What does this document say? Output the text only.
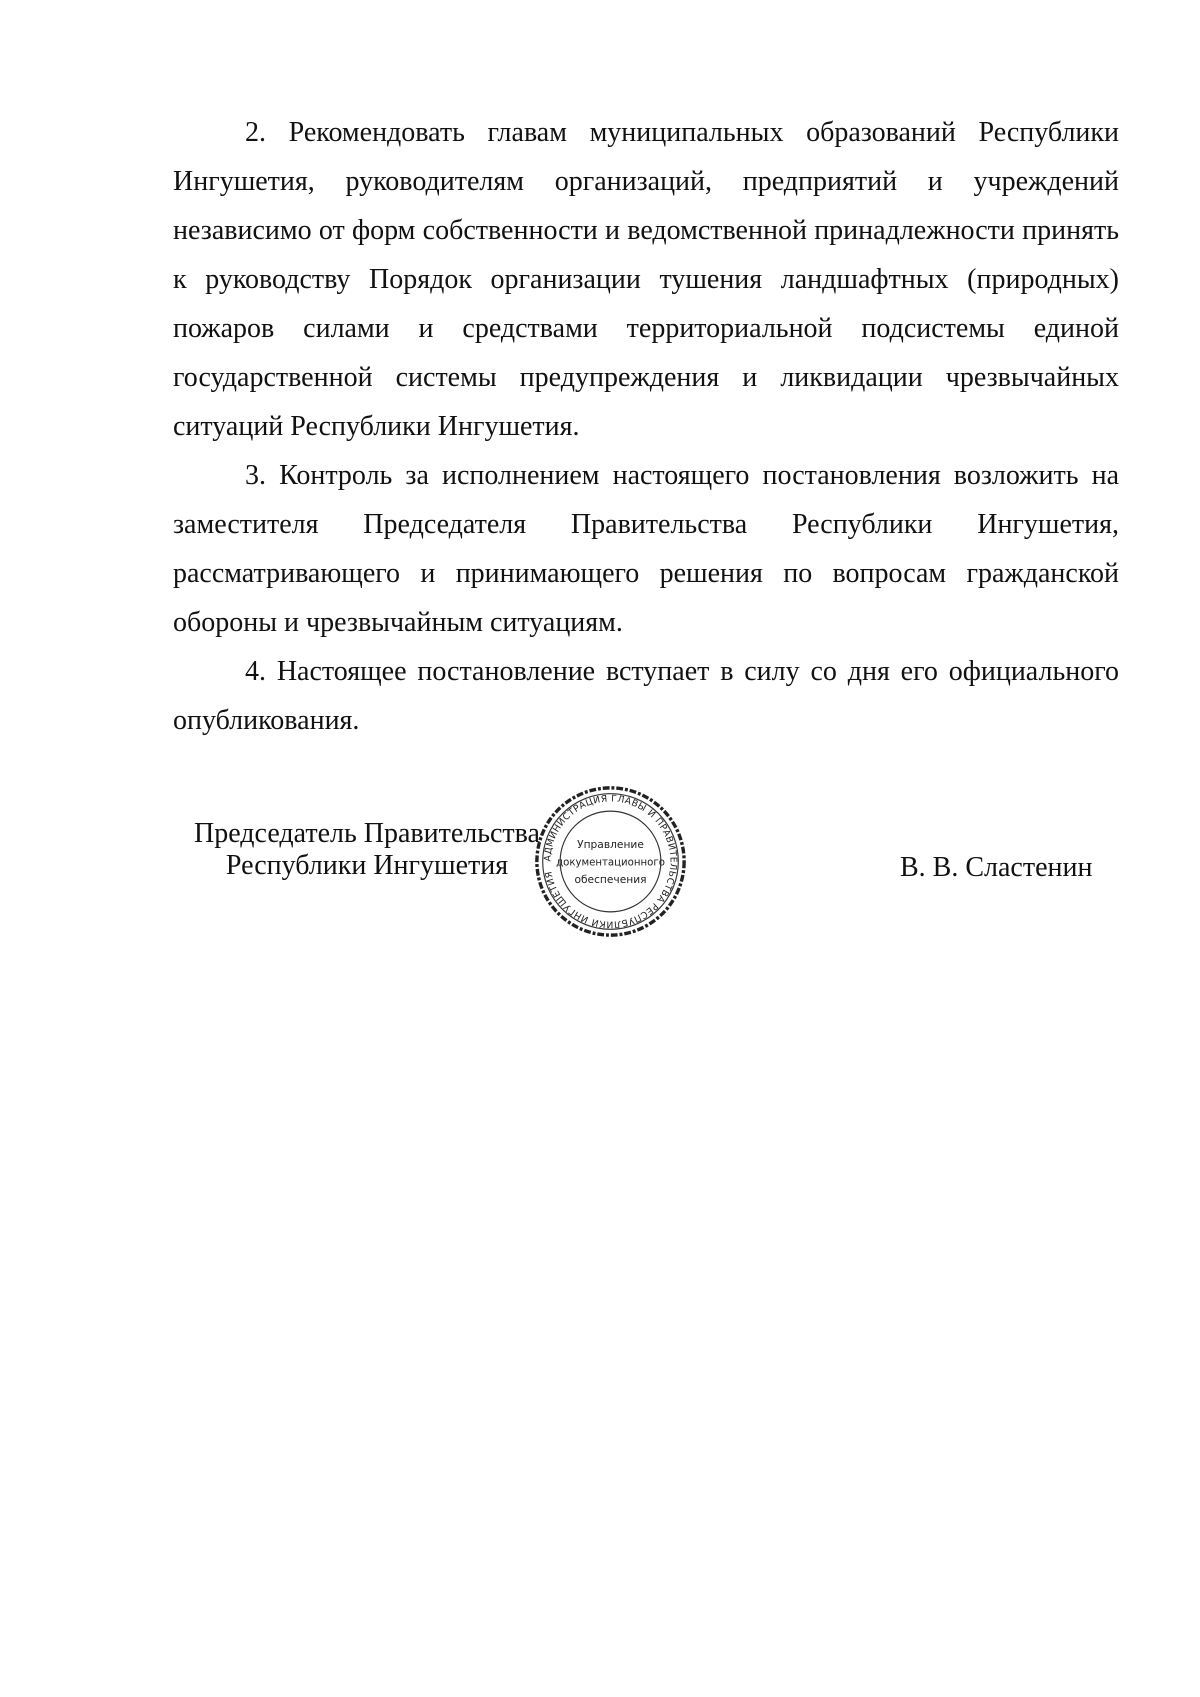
2. Рекомендовать главам муниципальных образований Республики Ингушетия, руководителям организаций, предприятий и учреждений независимо от форм собственности и ведомственной принадлежности принять к руководству Порядок организации тушения ландшафтных (природных) пожаров силами и средствами территориальной подсистемы единой государственной системы предупреждения и ликвидации чрезвычайных ситуаций Республики Ингушетия.

3. Контроль за исполнением настоящего постановления возложить на заместителя Председателя Правительства Республики Ингушетия, рассматривающего и принимающего решения по вопросам гражданской обороны и чрезвычайным ситуациям.

4. Настоящее постановление вступает в силу со дня его официального опубликования.

Председатель Правительства
Республики Ингушетия	АДМИНИСТРАЦИЯ ГЛАВЫ И ПРАВИТЕЛЬСТВА РЕСПУБЛИКИ ИНГУШЕТИЯ
Управление
документационного
обеспечения	В. В. Сластенин
